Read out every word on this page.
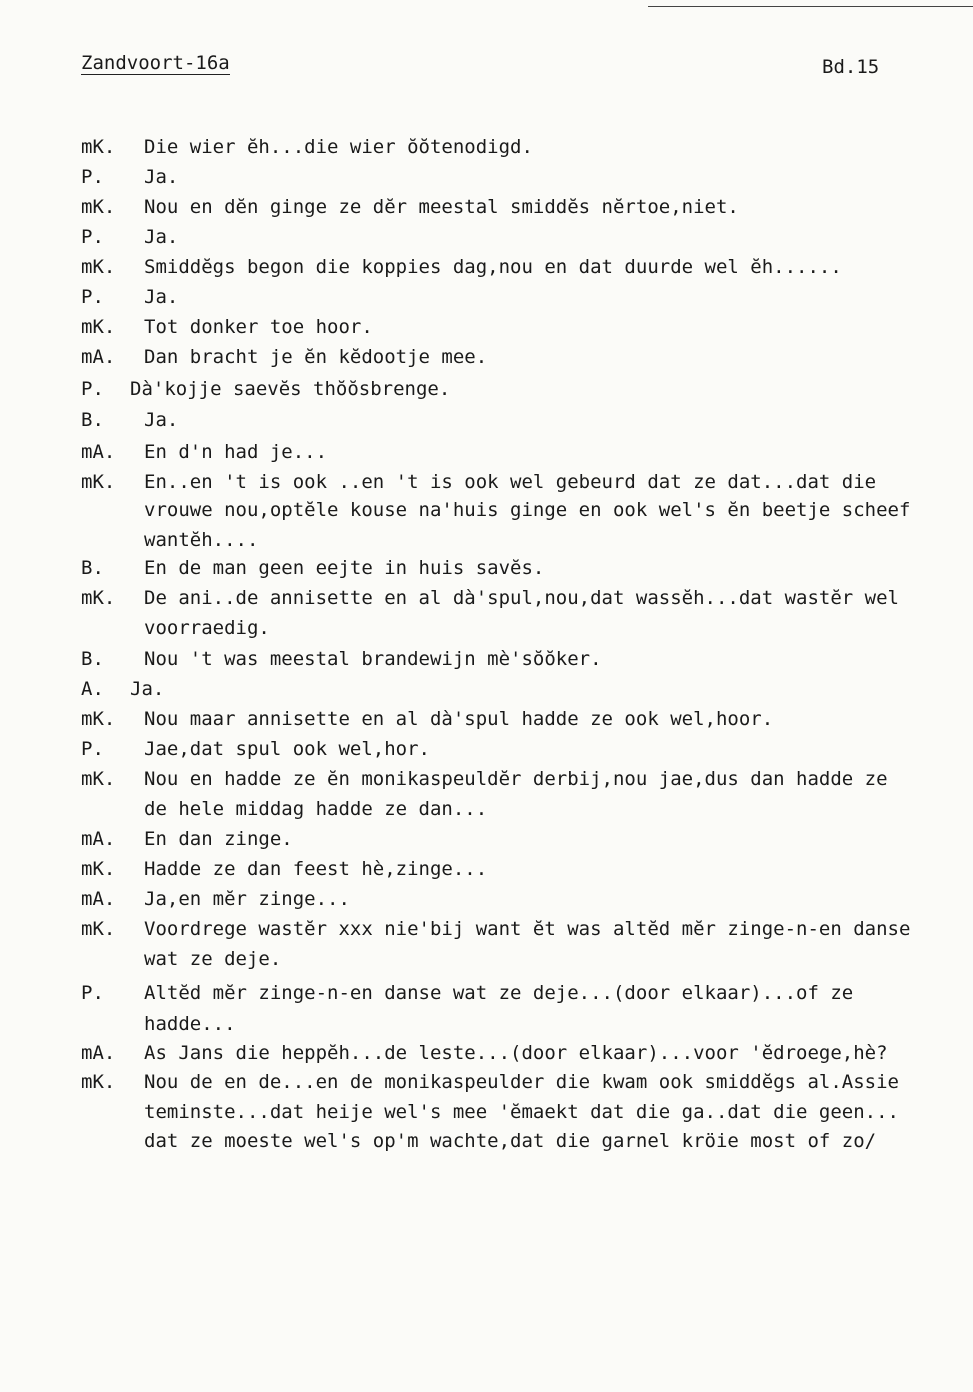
Zandvoort-16a	Bd.15
mK. Die wier ĕh...die wier ŏŏtenodigd.
P. Ja.
mK. Nou en dĕn ginge ze dĕr meestal smiddĕs nĕrtoe,niet.
P. Ja.
mK. Smiddĕgs begon die koppies dag,nou en dat duurde wel ĕh......
P. Ja.
mK. Tot donker toe hoor.
mA. Dan bracht je ĕn kĕdootje mee.
P. Dà'kojje saevĕs thŏŏsbrenge.
B. Ja.
mA. En d'n had je...
mK. En..en 't is ook ..en 't is ook wel gebeurd dat ze dat...dat die
vrouwe nou,optĕle kouse na'huis ginge en ook wel's ĕn beetje scheef
wantĕh....
B. En de man geen eejte in huis savĕs.
mK. De ani..de annisette en al dà'spul,nou,dat wassĕh...dat wastĕr wel
voorraedig.
B. Nou 't was meestal brandewijn mè'sŏŏker.
A. Ja.
mK. Nou maar annisette en al dà'spul hadde ze ook wel,hoor.
P. Jae,dat spul ook wel,hor.
mK. Nou en hadde ze ĕn monikaspeuldĕr derbij,nou jae,dus dan hadde ze
de hele middag hadde ze dan...
mA. En dan zinge.
mK. Hadde ze dan feest hè,zinge...
mA. Ja,en mĕr zinge...
mK. Voordrege wastĕr xxx nie'bij want ĕt was altĕd mĕr zinge-n-en danse
wat ze deje.
P. Altĕd mĕr zinge-n-en danse wat ze deje...(door elkaar)...of ze
hadde...
mA. As Jans die heppĕh...de leste...(door elkaar)...voor 'ĕdroege,hè?
mK. Nou de en de...en de monikaspeulder die kwam ook smiddĕgs al.Assie
teminste...dat heije wel's mee 'ĕmaekt dat die ga..dat die geen...
dat ze moeste wel's op'm wachte,dat die garnel kröie most of zo/
